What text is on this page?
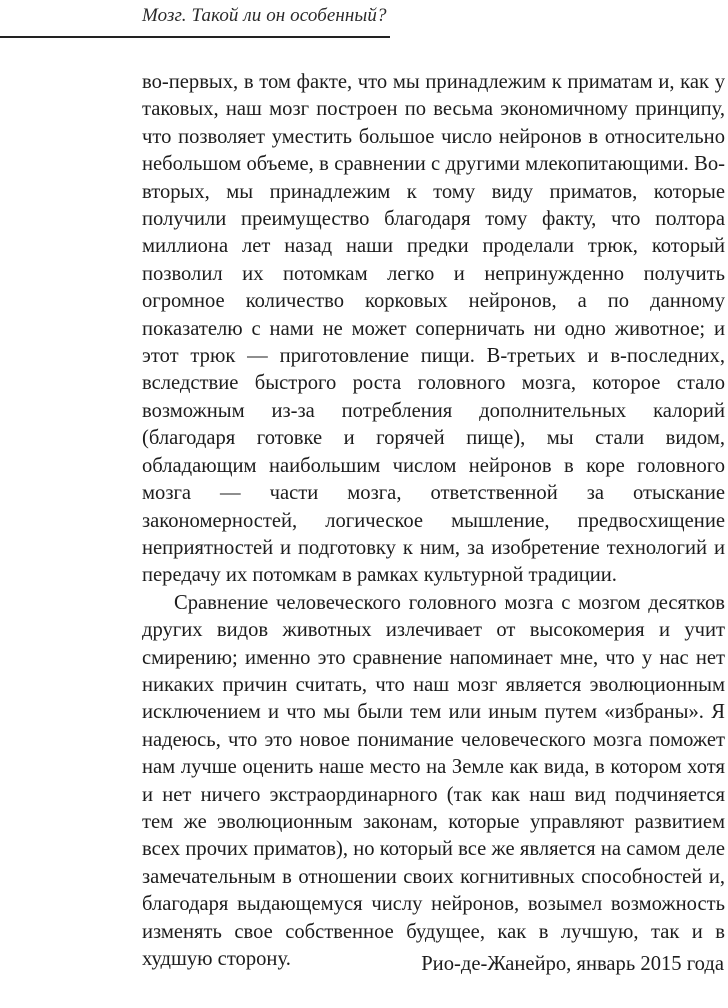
Мозг. Такой ли он особенный?

во-первых, в том факте, что мы принадлежим к приматам и, как у таковых, наш мозг построен по весьма экономичному принципу, что позволяет уместить большое число нейронов в относительно небольшом объеме, в сравнении с другими млекопитающими. Во-вторых, мы принадлежим к тому виду приматов, которые получили преимущество благодаря тому факту, что полтора миллиона лет назад наши предки проделали трюк, который позволил их потомкам легко и непринужденно получить огромное количество корковых нейронов, а по данному показателю с нами не может соперничать ни одно животное; и этот трюк — приготовление пищи. В-третьих и в-последних, вследствие быстрого роста головного мозга, которое стало возможным из-за потребления дополнительных калорий (благодаря готовке и горячей пище), мы стали видом, обладающим наибольшим числом нейронов в коре головного мозга — части мозга, ответственной за отыскание закономерностей, логическое мышление, предвосхищение неприятностей и подготовку к ним, за изобретение технологий и передачу их потомкам в рамках культурной традиции.

Сравнение человеческого головного мозга с мозгом десятков других видов животных излечивает от высокомерия и учит смирению; именно это сравнение напоминает мне, что у нас нет никаких причин считать, что наш мозг является эволюционным исключением и что мы были тем или иным путем «избраны». Я надеюсь, что это новое понимание человеческого мозга поможет нам лучше оценить наше место на Земле как вида, в котором хотя и нет ничего экстраординарного (так как наш вид подчиняется тем же эволюционным законам, которые управляют развитием всех прочих приматов), но который все же является на самом деле замечательным в отношении своих когнитивных способностей и, благодаря выдающемуся числу нейронов, возымел возможность изменять свое собственное будущее, как в лучшую, так и в худшую сторону.	Рио-де-Жанейро, январь 2015 года
